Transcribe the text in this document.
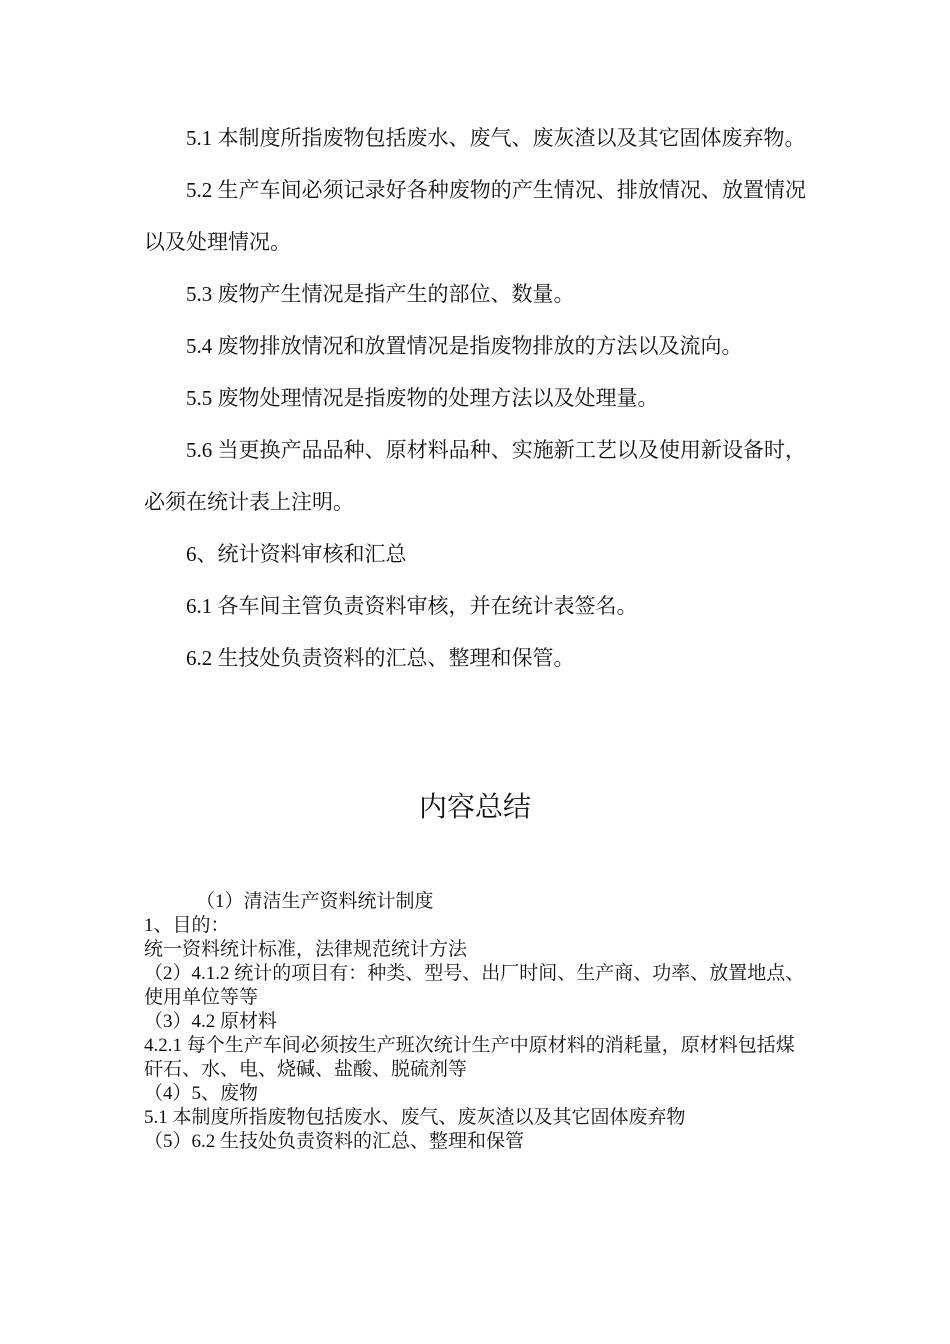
5.1 本制度所指废物包括废水、废气、废灰渣以及其它固体废弃物。

5.2 生产车间必须记录好各种废物的产生情况、排放情况、放置情况以及处理情况。

5.3 废物产生情况是指产生的部位、数量。

5.4 废物排放情况和放置情况是指废物排放的方法以及流向。

5.5 废物处理情况是指废物的处理方法以及处理量。

5.6 当更换产品品种、原材料品种、实施新工艺以及使用新设备时，必须在统计表上注明。

6、统计资料审核和汇总

6.1 各车间主管负责资料审核，并在统计表签名。

6.2 生技处负责资料的汇总、整理和保管。

内容总结

（1）清洁生产资料统计制度

1、目的：

统一资料统计标准，法律规范统计方法

（2）4.1.2 统计的项目有：种类、型号、出厂时间、生产商、功率、放置地点、使用单位等等

（3）4.2 原材料

4.2.1 每个生产车间必须按生产班次统计生产中原材料的消耗量，原材料包括煤矸石、水、电、烧碱、盐酸、脱硫剂等

（4）5、废物

5.1 本制度所指废物包括废水、废气、废灰渣以及其它固体废弃物

（5）6.2 生技处负责资料的汇总、整理和保管
